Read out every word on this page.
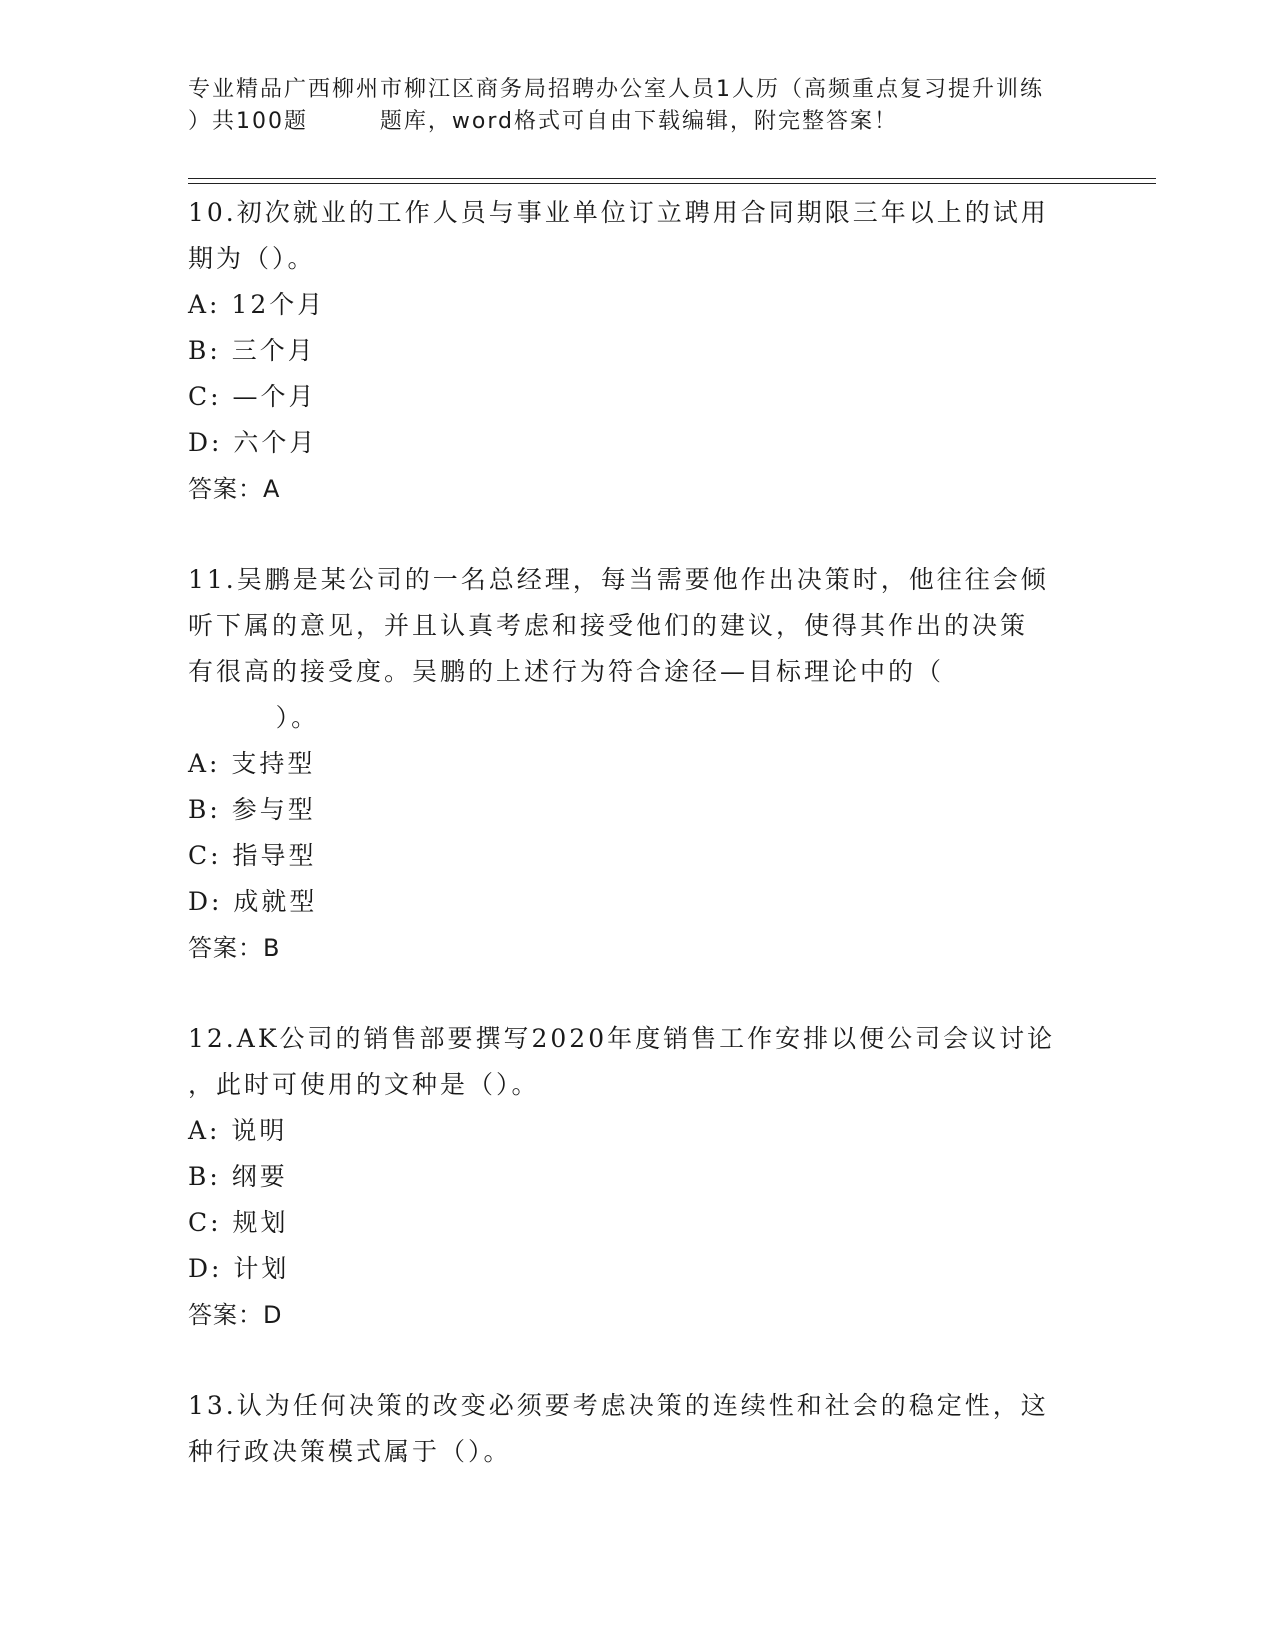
专业精品广西柳州市柳江区商务局招聘办公室人员1人历（高频重点复习提升训练
）共100题        题库，word格式可自由下载编辑，附完整答案！
10.初次就业的工作人员与事业单位订立聘用合同期限三年以上的试用
期为（）。
A: 12个月
B: 三个月
C: —个月
D: 六个月
答案：A
11.吴鹏是某公司的一名总经理，每当需要他作出决策时，他往往会倾
听下属的意见，并且认真考虑和接受他们的建议，使得其作出的决策
有很高的接受度。吴鹏的上述行为符合途径—目标理论中的（
）。
A: 支持型
B: 参与型
C: 指导型
D: 成就型
答案：B
12.AK公司的销售部要撰写2020年度销售工作安排以便公司会议讨论
，此时可使用的文种是（）。
A: 说明
B: 纲要
C: 规划
D: 计划
答案：D
13.认为任何决策的改变必须要考虑决策的连续性和社会的稳定性，这
种行政决策模式属于（）。
